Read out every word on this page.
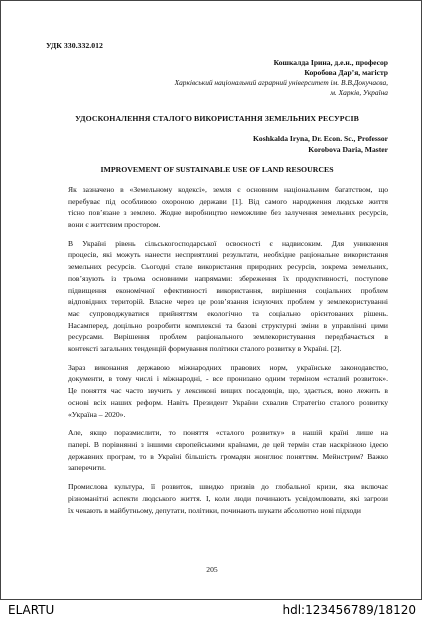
УДК 330.332.012
Кошкалда Ірина, д.е.н., професор
Коробова Дар’я, магістр
Харківський національний аграрний університет ім. В.В.Докучаєва,
м. Харків, Україна
УДОСКОНАЛЕННЯ СТАЛОГО ВИКОРИСТАННЯ ЗЕМЕЛЬНИХ РЕСУРСІВ
Koshkalda Iryna, Dr. Econ. Sc., Professor
Korobova Daria, Master
IMPROVEMENT OF SUSTAINABLE USE OF LAND RESOURCES
Як зазначено в «Земельному кодексі», земля є основним національним багатством, що
перебуває під особливою охороною держави [1]. Від самого народження людське життя
тісно пов’язане з землею. Жодне виробництво неможливе без залучення земельних ресурсів,
вони є життєвим простором.
В Україні рівень сільськогосподарської освоєності є надвисоким. Для уникнення
процесів, які можуть нанести несприятливі результати, необхідне раціональне використання
земельних ресурсів. Сьогодні стале використання природних ресурсів, зокрема земельних,
пов’язують із трьома основними напрямами: збереження їх продуктивності, поступове
підвищення економічної ефективності використання, вирішення соціальних проблем
відповідних територій. Власне через це розв’язання існуючих проблем у землекористуванні
має супроводжуватися прийняттям екологічно та соціально орієнтованих рішень.
Насамперед, доцільно розробити комплексні та базові структурні зміни в управлінні цими
ресурсами. Вирішення проблем раціонального землекористування передбачається в
контексті загальних тенденцій формування політики сталого розвитку в Україні. [2].
Зараз виконання державою міжнародних правових норм, українське законодавство,
документи, в тому числі і міжнародні, - все пронизано одним терміном «сталий розвиток».
Це поняття час часто звучить у лексиконі вищих посадовців, що, здається, воно лежить в
основі всіх наших реформ. Навіть Президент України схвалив Стратегію сталого розвитку
«Україна – 2020».
Але, якщо поразмислити, то поняття «сталого розвитку» в нашій країні лише на
папері. В порівнянні з іншими європейськими країнами, де цей термін став наскрізною ідеєю
державних програм, то в Україні більшість громадян жонглює поняттям. Мейнстрим? Важко
заперечити.
Промислова культура, її розвиток, швидко призвів до глобальної кризи, яка включає
різноманітні аспекти людського життя. І, коли люди починають усвідомлювати, які загрози
їх чекають в майбутньому, депутати, політики, починають шукати абсолютно нові підходи
205
ELARTU	hdl:123456789/18120
